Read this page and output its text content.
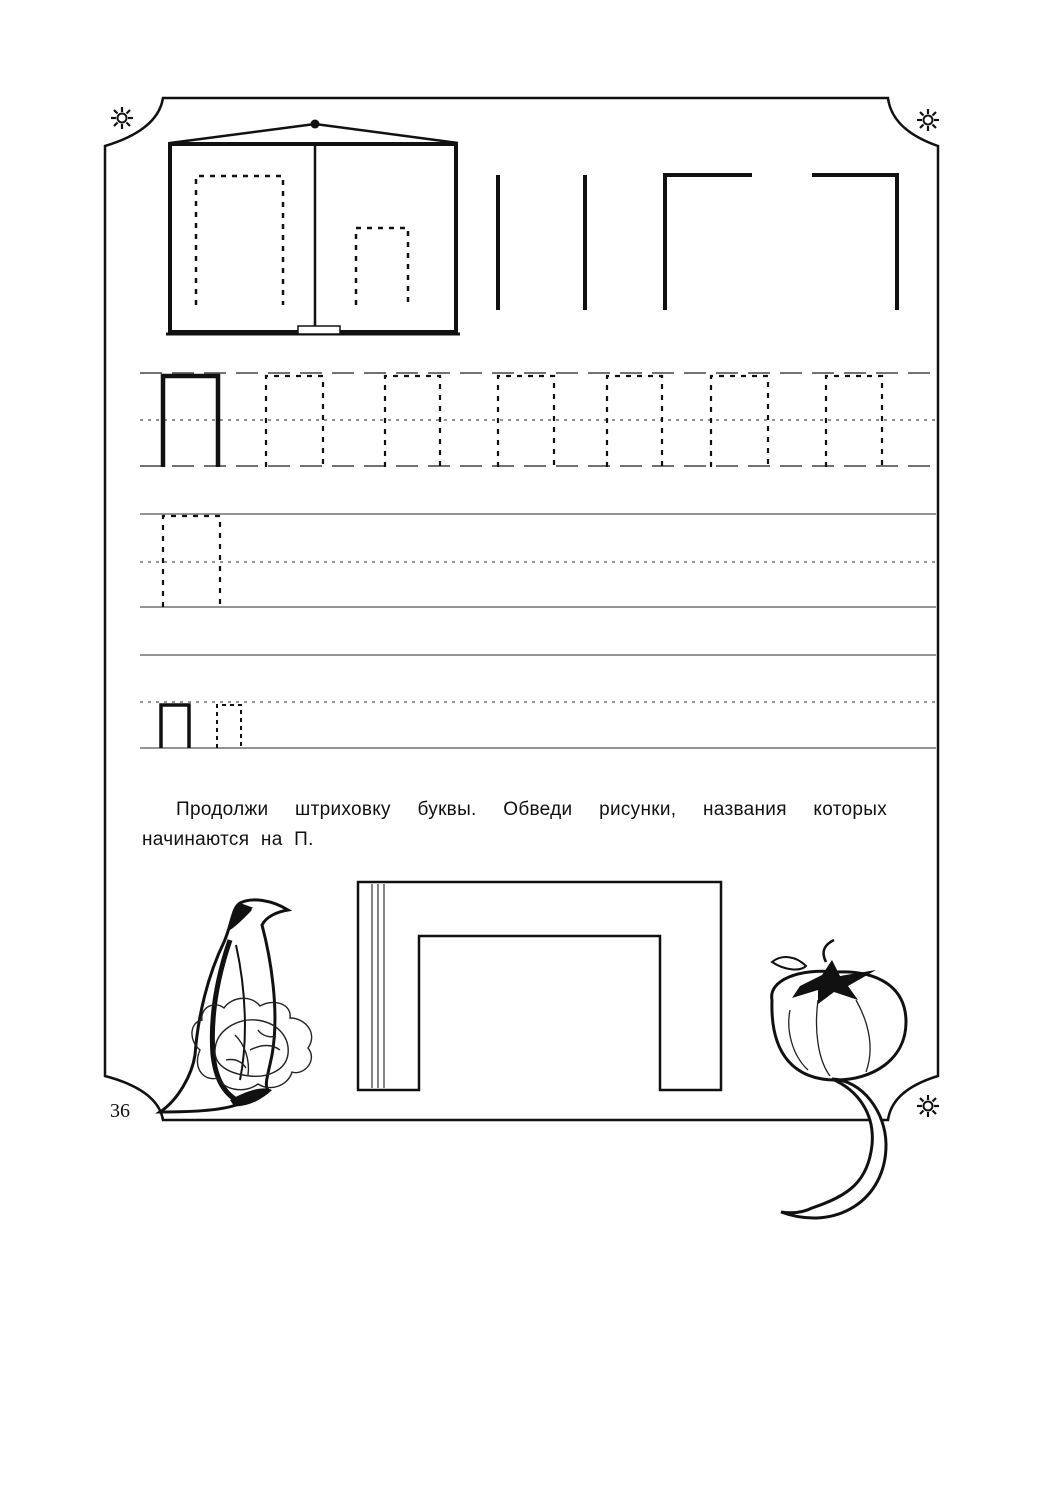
Продолжи штриховку буквы. Обведи рисунки, названия которых начинаются на П.
36
